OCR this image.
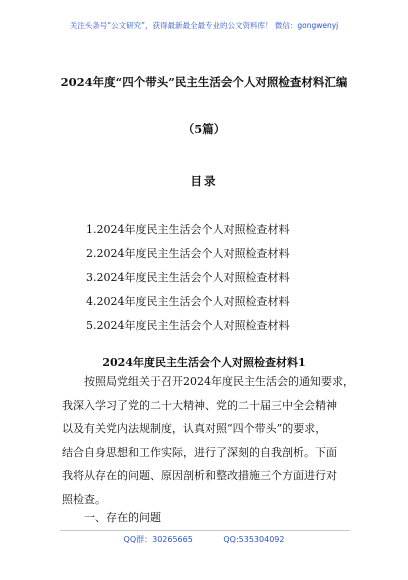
关注头条号“公文研究”，获得最新最全最专业的公文资料库！ 微信：gongwenyj
2024年度“四个带头”民主生活会个人对照检查材料汇编
（5篇）
目录
1.2024年度民主生活会个人对照检查材料
2.2024年度民主生活会个人对照检查材料
3.2024年度民主生活会个人对照检查材料
4.2024年度民主生活会个人对照检查材料
5.2024年度民主生活会个人对照检查材料
2024年度民主生活会个人对照检查材料1
按照局党组关于召开2024年度民主生活会的通知要求，
我深入学习了党的二十大精神、党的二十届三中全会精神
以及有关党内法规制度，认真对照“四个带头”的要求，
结合自身思想和工作实际，进行了深刻的自我剖析。下面
我将从存在的问题、原因剖析和整改措施三个方面进行对
照检查。
一、存在的问题
QQ群：30265665	QQ:535304092
